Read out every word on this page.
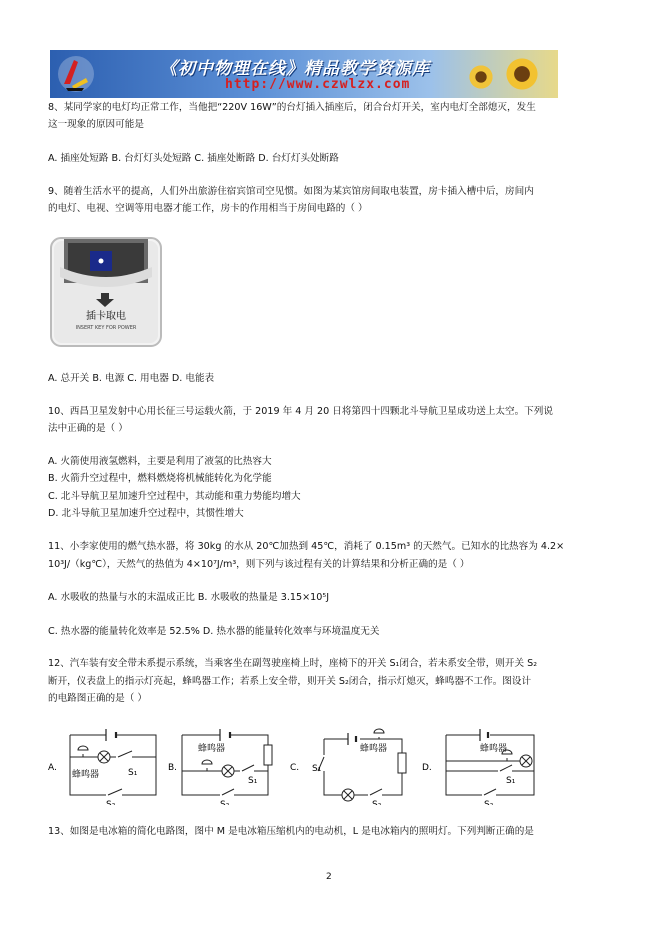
《初中物理在线》精品教学资源库
http://www.czwlzx.com
8、某同学家的电灯均正常工作，当他把“220V 16W”的台灯插入插座后，闭合台灯开关，室内电灯全部熄灭，发生
这一现象的原因可能是
A. 插座处短路 B. 台灯灯头处短路 C. 插座处断路 D. 台灯灯头处断路
9、随着生活水平的提高，人们外出旅游住宿宾馆司空见惯。如图为某宾馆房间取电装置，房卡插入槽中后，房间内
的电灯、电视、空调等用电器才能工作，房卡的作用相当于房间电路的（ ）
插卡取电
INSERT KEY FOR POWER
A. 总开关 B. 电源 C. 用电器 D. 电能表
10、西昌卫星发射中心用长征三号运载火箭，于 2019 年 4 月 20 日将第四十四颗北斗导航卫星成功送上太空。下列说
法中正确的是（ ）
A. 火箭使用液氢燃料，主要是利用了液氢的比热容大
B. 火箭升空过程中，燃料燃烧将机械能转化为化学能
C. 北斗导航卫星加速升空过程中，其动能和重力势能均增大
D. 北斗导航卫星加速升空过程中，其惯性增大
11、小李家使用的燃气热水器，将 30kg 的水从 20℃加热到 45℃，消耗了 0.15m³ 的天然气。已知水的比热容为 4.2×
10³J/（kg℃），天然气的热值为 4×10⁷J/m³，则下列与该过程有关的计算结果和分析正确的是（ ）
A. 水吸收的热量与水的末温成正比 B. 水吸收的热量是 3.15×10⁵J
C. 热水器的能量转化效率是 52.5% D. 热水器的能量转化效率与环境温度无关
12、汽车装有安全带未系提示系统，当乘客坐在副驾驶座椅上时，座椅下的开关 S₁闭合，若未系安全带，则开关 S₂
断开，仪表盘上的指示灯亮起，蜂鸣器工作；若系上安全带，则开关 S₂闭合，指示灯熄灭，蜂鸣器不工作。图设计
的电路图正确的是（ ）
A.
蜂鸣器	S₁
S₂
B.
蜂鸣器
S₁
S₂
C.
蜂鸣器
S₁
S₂
D.
蜂鸣器
S₁
S₂
13、如图是电冰箱的简化电路图，图中 M 是电冰箱压缩机内的电动机，L 是电冰箱内的照明灯。下列判断正确的是
2
